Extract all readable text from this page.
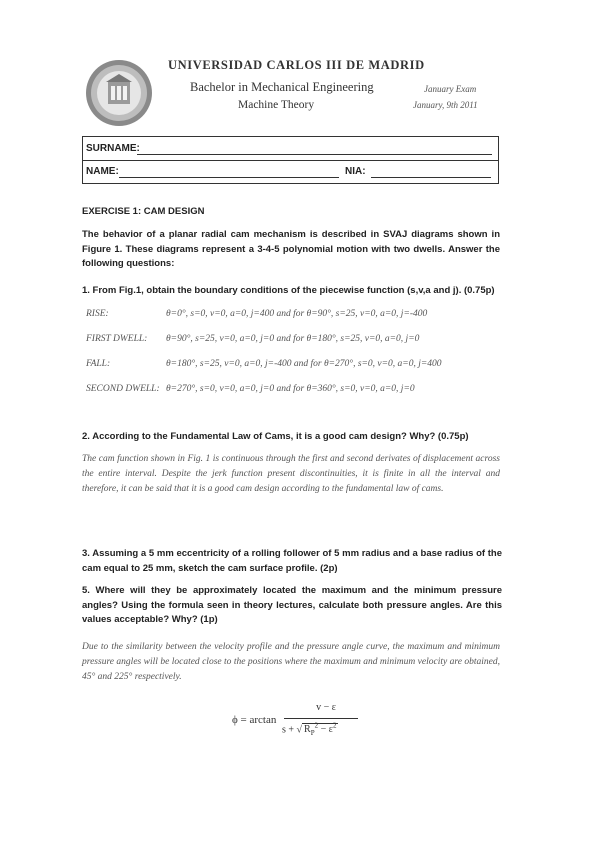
UNIVERSIDAD CARLOS III DE MADRID
Bachelor in Mechanical Engineering
Machine Theory
January Exam
January, 9th 2011
SURNAME:
NAME:	NIA:
EXERCISE 1: CAM DESIGN
The behavior of a planar radial cam mechanism is described in SVAJ diagrams shown in Figure 1. These diagrams represent a 3-4-5 polynomial motion with two dwells. Answer the following questions:
1. From Fig.1, obtain the boundary conditions of the piecewise function (s,v,a and j). (0.75p)
RISE:	θ=0°, s=0, v=0, a=0, j=400 and for θ=90°, s=25, v=0, a=0, j=-400
FIRST DWELL: θ=90°, s=25, v=0, a=0, j=0 and for θ=180°, s=25, v=0, a=0, j=0
FALL:	θ=180°, s=25, v=0, a=0, j=-400 and for θ=270°, s=0, v=0, a=0, j=400
SECOND DWELL: θ=270°, s=0, v=0, a=0, j=0 and for θ=360°, s=0, v=0, a=0, j=0
2. According to the Fundamental Law of Cams, it is a good cam design? Why? (0.75p)
The cam function shown in Fig. 1 is continuous through the first and second derivates of displacement across the entire interval. Despite the jerk function present discontinuities, it is finite in all the interval and therefore, it can be said that it is a good cam design according to the fundamental law of cams.
3. Assuming a 5 mm eccentricity of a rolling follower of 5 mm radius and a base radius of the cam equal to 25 mm, sketch the cam surface profile. (2p)
5. Where will they be approximately located the maximum and the minimum pressure angles? Using the formula seen in theory lectures, calculate both pressure angles. Are this values acceptable? Why? (1p)
Due to the similarity between the velocity profile and the pressure angle curve, the maximum and minimum pressure angles will be located close to the positions where the maximum and minimum velocity are obtained, 45° and 225° respectively.
ϕ = arctan
v − ε
s + √ $R_P^2 - \varepsilon^2$
